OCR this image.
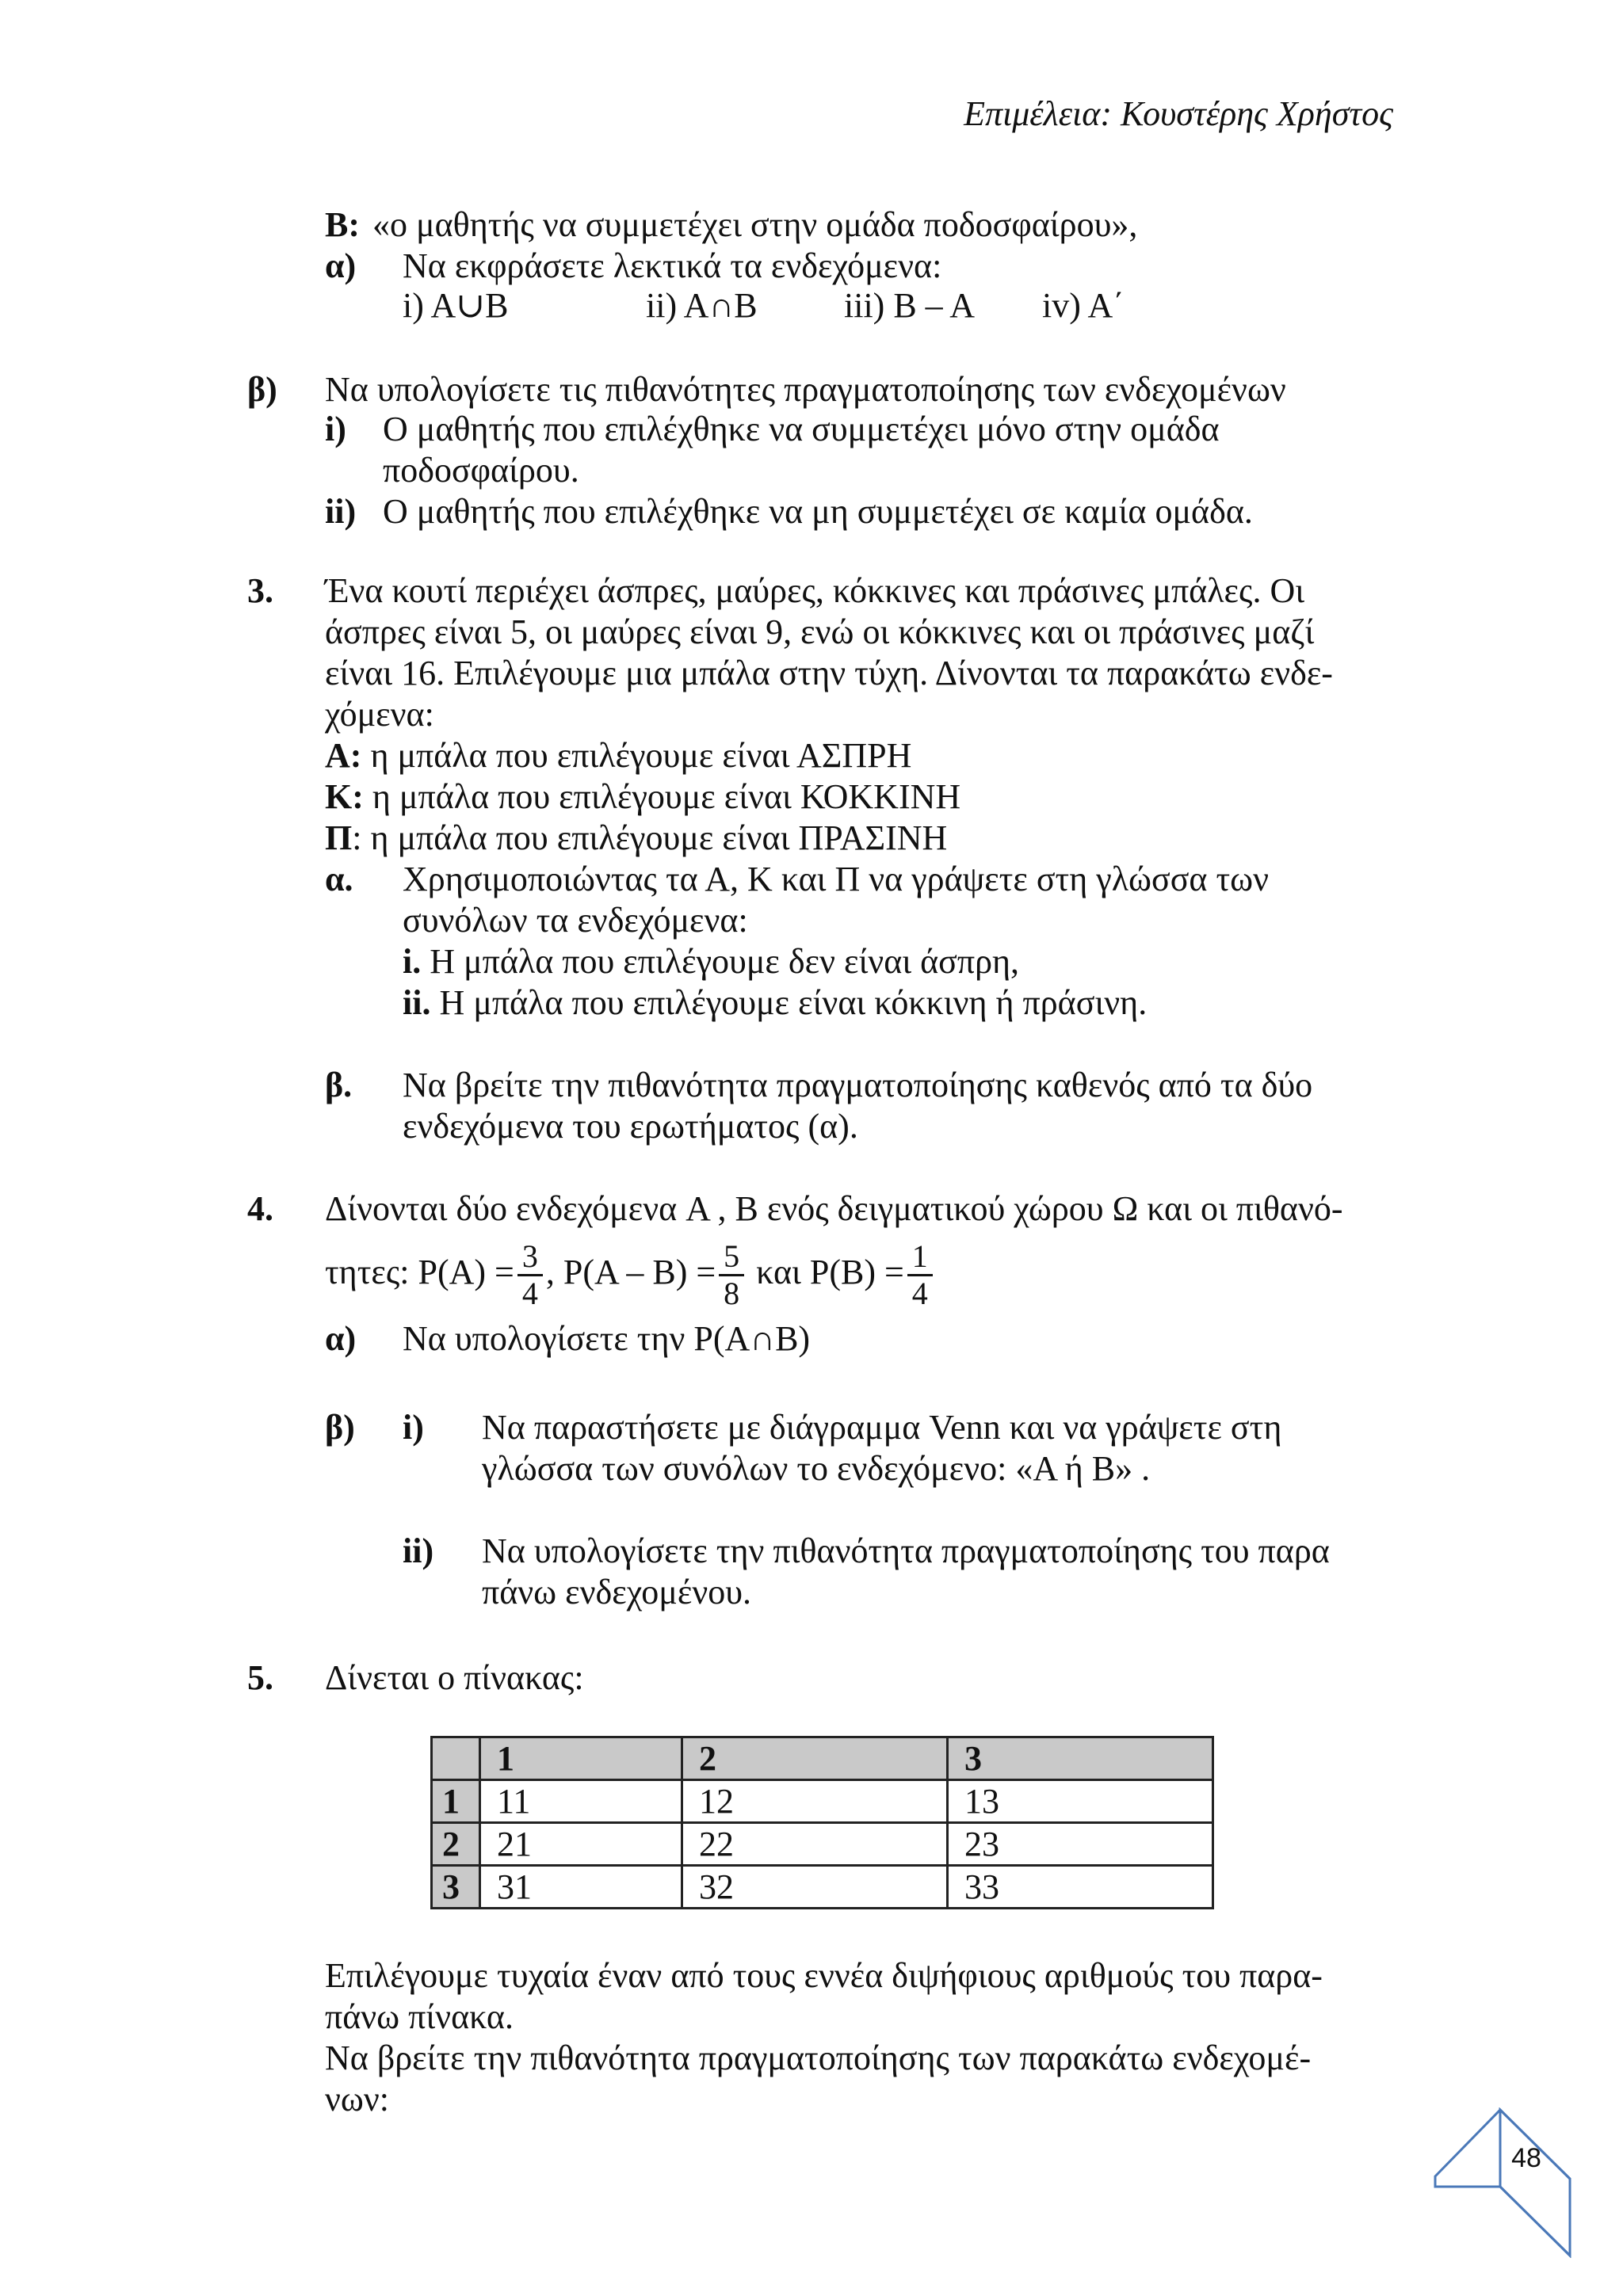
Επιμέλεια: Κουστέρης Χρήστος
Β: «ο μαθητής να συμμετέχει στην ομάδα ποδοσφαίρου»,
α) Να εκφράσετε λεκτικά τα ενδεχόμενα:
i) A∪B	ii) A∩B iii) B – A iv) A΄
β) Να υπολογίσετε τις πιθανότητες πραγματοποίησης των ενδεχομένων
i) Ο μαθητής που επιλέχθηκε να συμμετέχει μόνο στην ομάδα
ποδοσφαίρου.
ii) Ο μαθητής που επιλέχθηκε να μη συμμετέχει σε καμία ομάδα.
3. Ένα κουτί περιέχει άσπρες, μαύρες, κόκκινες και πράσινες μπάλες. Οι
άσπρες είναι 5, οι μαύρες είναι 9, ενώ οι κόκκινες και οι πράσινες μαζί
είναι 16. Επιλέγουμε μια μπάλα στην τύχη. Δίνονται τα παρακάτω ενδε-
χόμενα:
Α: η μπάλα που επιλέγουμε είναι ΑΣΠΡΗ
Κ: η μπάλα που επιλέγουμε είναι ΚΟΚΚΙΝΗ
Π: η μπάλα που επιλέγουμε είναι ΠΡΑΣΙΝΗ
α. Χρησιμοποιώντας τα Α, Κ και Π να γράψετε στη γλώσσα των
συνόλων τα ενδεχόμενα:
i. Η μπάλα που επιλέγουμε δεν είναι άσπρη,
ii. Η μπάλα που επιλέγουμε είναι κόκκινη ή πράσινη.
β. Να βρείτε την πιθανότητα πραγματοποίησης καθενός από τα δύο
ενδεχόμενα του ερωτήματος (α).
4. Δίνονται δύο ενδεχόμενα A , B ενός δειγματικού χώρου Ω και οι πιθανό-
τητες: $P(A) = \frac{3}{4}$ , $P(A - B) = \frac{5}{8}$ και $P(B) = \frac{1}{4}$
α) Να υπολογίσετε την P(A∩B)
β) i) Να παραστήσετε με διάγραμμα Venn και να γράψετε στη
γλώσσα των συνόλων το ενδεχόμενο: «Α ή Β» .
ii) Να υπολογίσετε την πιθανότητα πραγματοποίησης του παρα
πάνω ενδεχομένου.
5. Δίνεται ο πίνακας:
	1	2	3
1	11	12	13
2	21	22	23
3	31	32	33
Επιλέγουμε τυχαία έναν από τους εννέα διψήφιους αριθμούς του παρα-
πάνω πίνακα.
Να βρείτε την πιθανότητα πραγματοποίησης των παρακάτω ενδεχομέ-
νων:
48
